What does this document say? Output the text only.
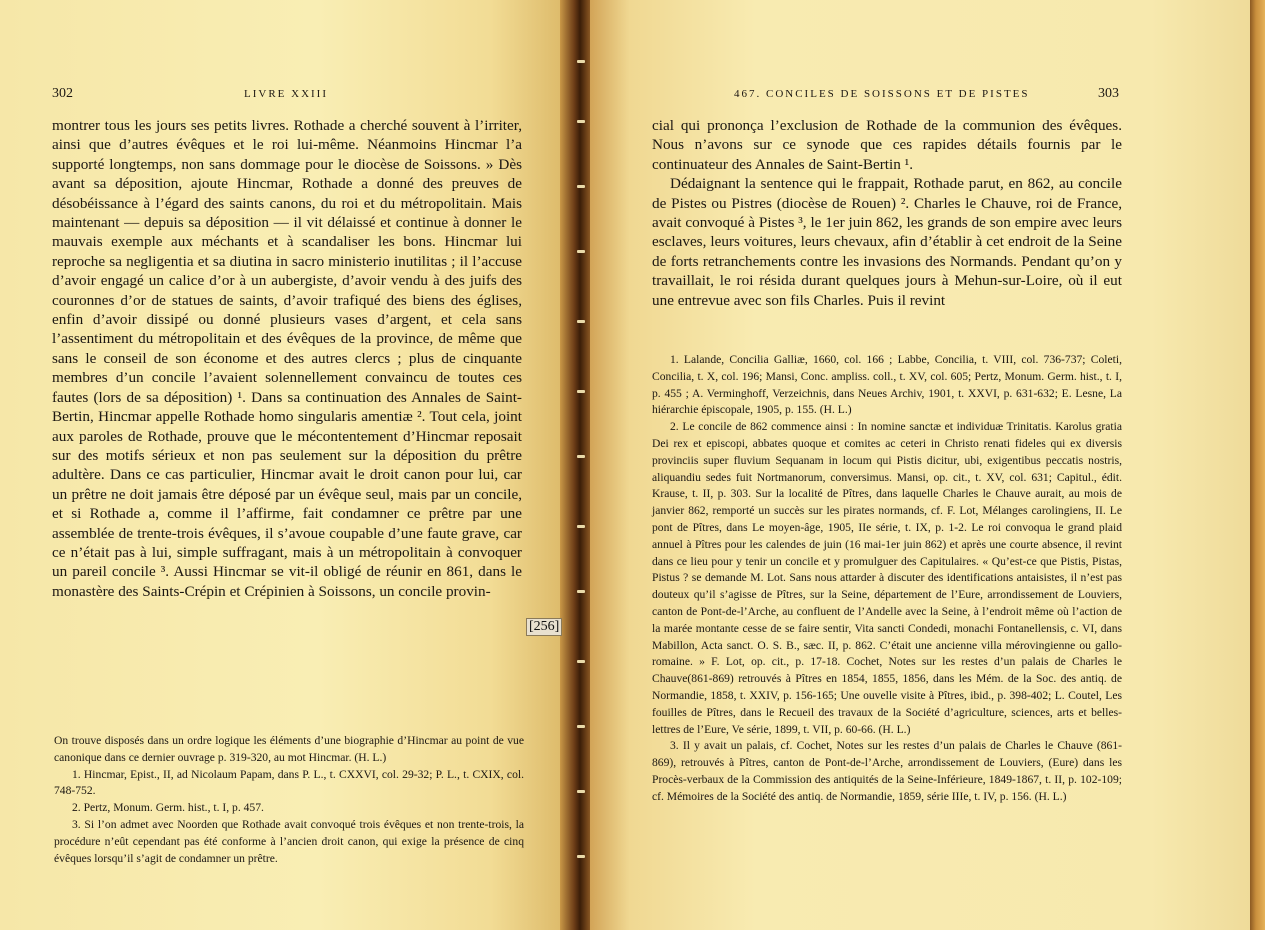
302	LIVRE XXIII

montrer tous les jours ses petits livres. Rothade a cherché souvent à l’irriter, ainsi que d’autres évêques et le roi lui-même. Néanmoins Hincmar l’a supporté longtemps, non sans dommage pour le diocèse de Soissons. » Dès avant sa déposition, ajoute Hincmar, Rothade a donné des preuves de désobéissance à l’égard des saints canons, du roi et du métropolitain. Mais maintenant — depuis sa déposition — il vit délaissé et continue à donner le mauvais exemple aux méchants et à scandaliser les bons. Hincmar lui reproche sa negligentia et sa diutina in sacro ministerio inutilitas ; il l’accuse d’avoir engagé un calice d’or à un aubergiste, d’avoir vendu à des juifs des couronnes d’or de statues de saints, d’avoir trafiqué des biens des églises, enfin d’avoir dissipé ou donné plusieurs vases d’argent, et cela sans l’assentiment du métropolitain et des évêques de la province, de même que sans le conseil de son économe et des autres clercs ; plus de cinquante membres d’un concile l’avaient solennellement convaincu de toutes ces fautes (lors de sa déposition) ¹. Dans sa continuation des Annales de Saint-Bertin, Hincmar appelle Rothade homo singularis amentiæ ². Tout cela, joint aux paroles de Rothade, prouve que le mécontentement d’Hincmar reposait sur des motifs sérieux et non pas seulement sur la déposition du prêtre adultère. Dans ce cas particulier, Hincmar avait le droit canon pour lui, car un prêtre ne doit jamais être déposé par un évêque seul, mais par un concile, et si Rothade a, comme il l’affirme, fait condamner ce prêtre par une assemblée de trente-trois évêques, il s’avoue coupable d’une faute grave, car ce n’était pas à lui, simple suffragant, mais à un métropolitain à convoquer un pareil concile ³. Aussi Hincmar se vit-il obligé de réunir en 861, dans le monastère des Saints-Crépin et Crépinien à Soissons, un concile provin-

On trouve disposés dans un ordre logique les éléments d’une biographie d’Hincmar au point de vue canonique dans ce dernier ouvrage p. 319-320, au mot Hincmar. (H. L.)

1. Hincmar, Epist., II, ad Nicolaum Papam, dans P. L., t. CXXVI, col. 29-32; P. L., t. CXIX, col. 748-752.

2. Pertz, Monum. Germ. hist., t. I, p. 457.

3. Si l’on admet avec Noorden que Rothade avait convoqué trois évêques et non trente-trois, la procédure n’eût cependant pas été conforme à l’ancien droit canon, qui exige la présence de cinq évêques lorsqu’il s’agit de condamner un prêtre.

467. CONCILES DE SOISSONS ET DE PISTES	303

cial qui prononça l’exclusion de Rothade de la communion des évêques. Nous n’avons sur ce synode que ces rapides détails fournis par le continuateur des Annales de Saint-Bertin ¹.

Dédaignant la sentence qui le frappait, Rothade parut, en 862, au concile de Pistes ou Pistres (diocèse de Rouen) ². Charles le Chauve, roi de France, avait convoqué à Pistes ³, le 1er juin 862, les grands de son empire avec leurs esclaves, leurs voitures, leurs chevaux, afin d’établir à cet endroit de la Seine de forts retranchements contre les invasions des Normands. Pendant qu’on y travaillait, le roi résida durant quelques jours à Mehun-sur-Loire, où il eut une entrevue avec son fils Charles. Puis il revint

1. Lalande, Concilia Galliæ, 1660, col. 166 ; Labbe, Concilia, t. VIII, col. 736-737; Coleti, Concilia, t. X, col. 196; Mansi, Conc. ampliss. coll., t. XV, col. 605; Pertz, Monum. Germ. hist., t. I, p. 455 ; A. Verminghoff, Verzeichnis, dans Neues Archiv, 1901, t. XXVI, p. 631-632; E. Lesne, La hiérarchie épiscopale, 1905, p. 155. (H. L.)

2. Le concile de 862 commence ainsi : In nomine sanctæ et individuæ Trinitatis. Karolus gratia Dei rex et episcopi, abbates quoque et comites ac ceteri in Christo renati fideles qui ex diversis provinciis super fluvium Sequanam in locum qui Pistis dicitur, ubi, exigentibus peccatis nostris, aliquandiu sedes fuit Nortmanorum, conversimus. Mansi, op. cit., t. XV, col. 631; Capitul., édit. Krause, t. II, p. 303. Sur la localité de Pîtres, dans laquelle Charles le Chauve aurait, au mois de janvier 862, remporté un succès sur les pirates normands, cf. F. Lot, Mélanges carolingiens, II. Le pont de Pîtres, dans Le moyen-âge, 1905, IIe série, t. IX, p. 1-2. Le roi convoqua le grand plaid annuel à Pîtres pour les calendes de juin (16 mai-1er juin 862) et après une courte absence, il revint dans ce lieu pour y tenir un concile et y promulguer des Capitulaires. « Qu’est-ce que Pistis, Pistas, Pistus ? se demande M. Lot. Sans nous attarder à discuter des identifications antaisistes, il n’est pas douteux qu’il s’agisse de Pîtres, sur la Seine, département de l’Eure, arrondissement de Louviers, canton de Pont-de-l’Arche, au confluent de l’Andelle avec la Seine, à l’endroit même où l’action de la marée montante cesse de se faire sentir, Vita sancti Condedi, monachi Fontanellensis, c. VI, dans Mabillon, Acta sanct. O. S. B., sæc. II, p. 862. C’était une ancienne villa mérovingienne ou gallo-romaine. » F. Lot, op. cit., p. 17-18. Cochet, Notes sur les restes d’un palais de Charles le Chauve(861-869) retrouvés à Pîtres en 1854, 1855, 1856, dans les Mém. de la Soc. des antiq. de Normandie, 1858, t. XXIV, p. 156-165; Une ouvelle visite à Pîtres, ibid., p. 398-402; L. Coutel, Les fouilles de Pîtres, dans le Recueil des travaux de la Société d’agriculture, sciences, arts et belles-lettres de l’Eure, Ve série, 1899, t. VII, p. 60-66. (H. L.)

3. Il y avait un palais, cf. Cochet, Notes sur les restes d’un palais de Charles le Chauve (861-869), retrouvés à Pîtres, canton de Pont-de-l’Arche, arrondissement de Louviers, (Eure) dans les Procès-verbaux de la Commission des antiquités de la Seine-Inférieure, 1849-1867, t. II, p. 102-109; cf. Mémoires de la Société des antiq. de Normandie, 1859, série IIIe, t. IV, p. 156. (H. L.)

[256]
